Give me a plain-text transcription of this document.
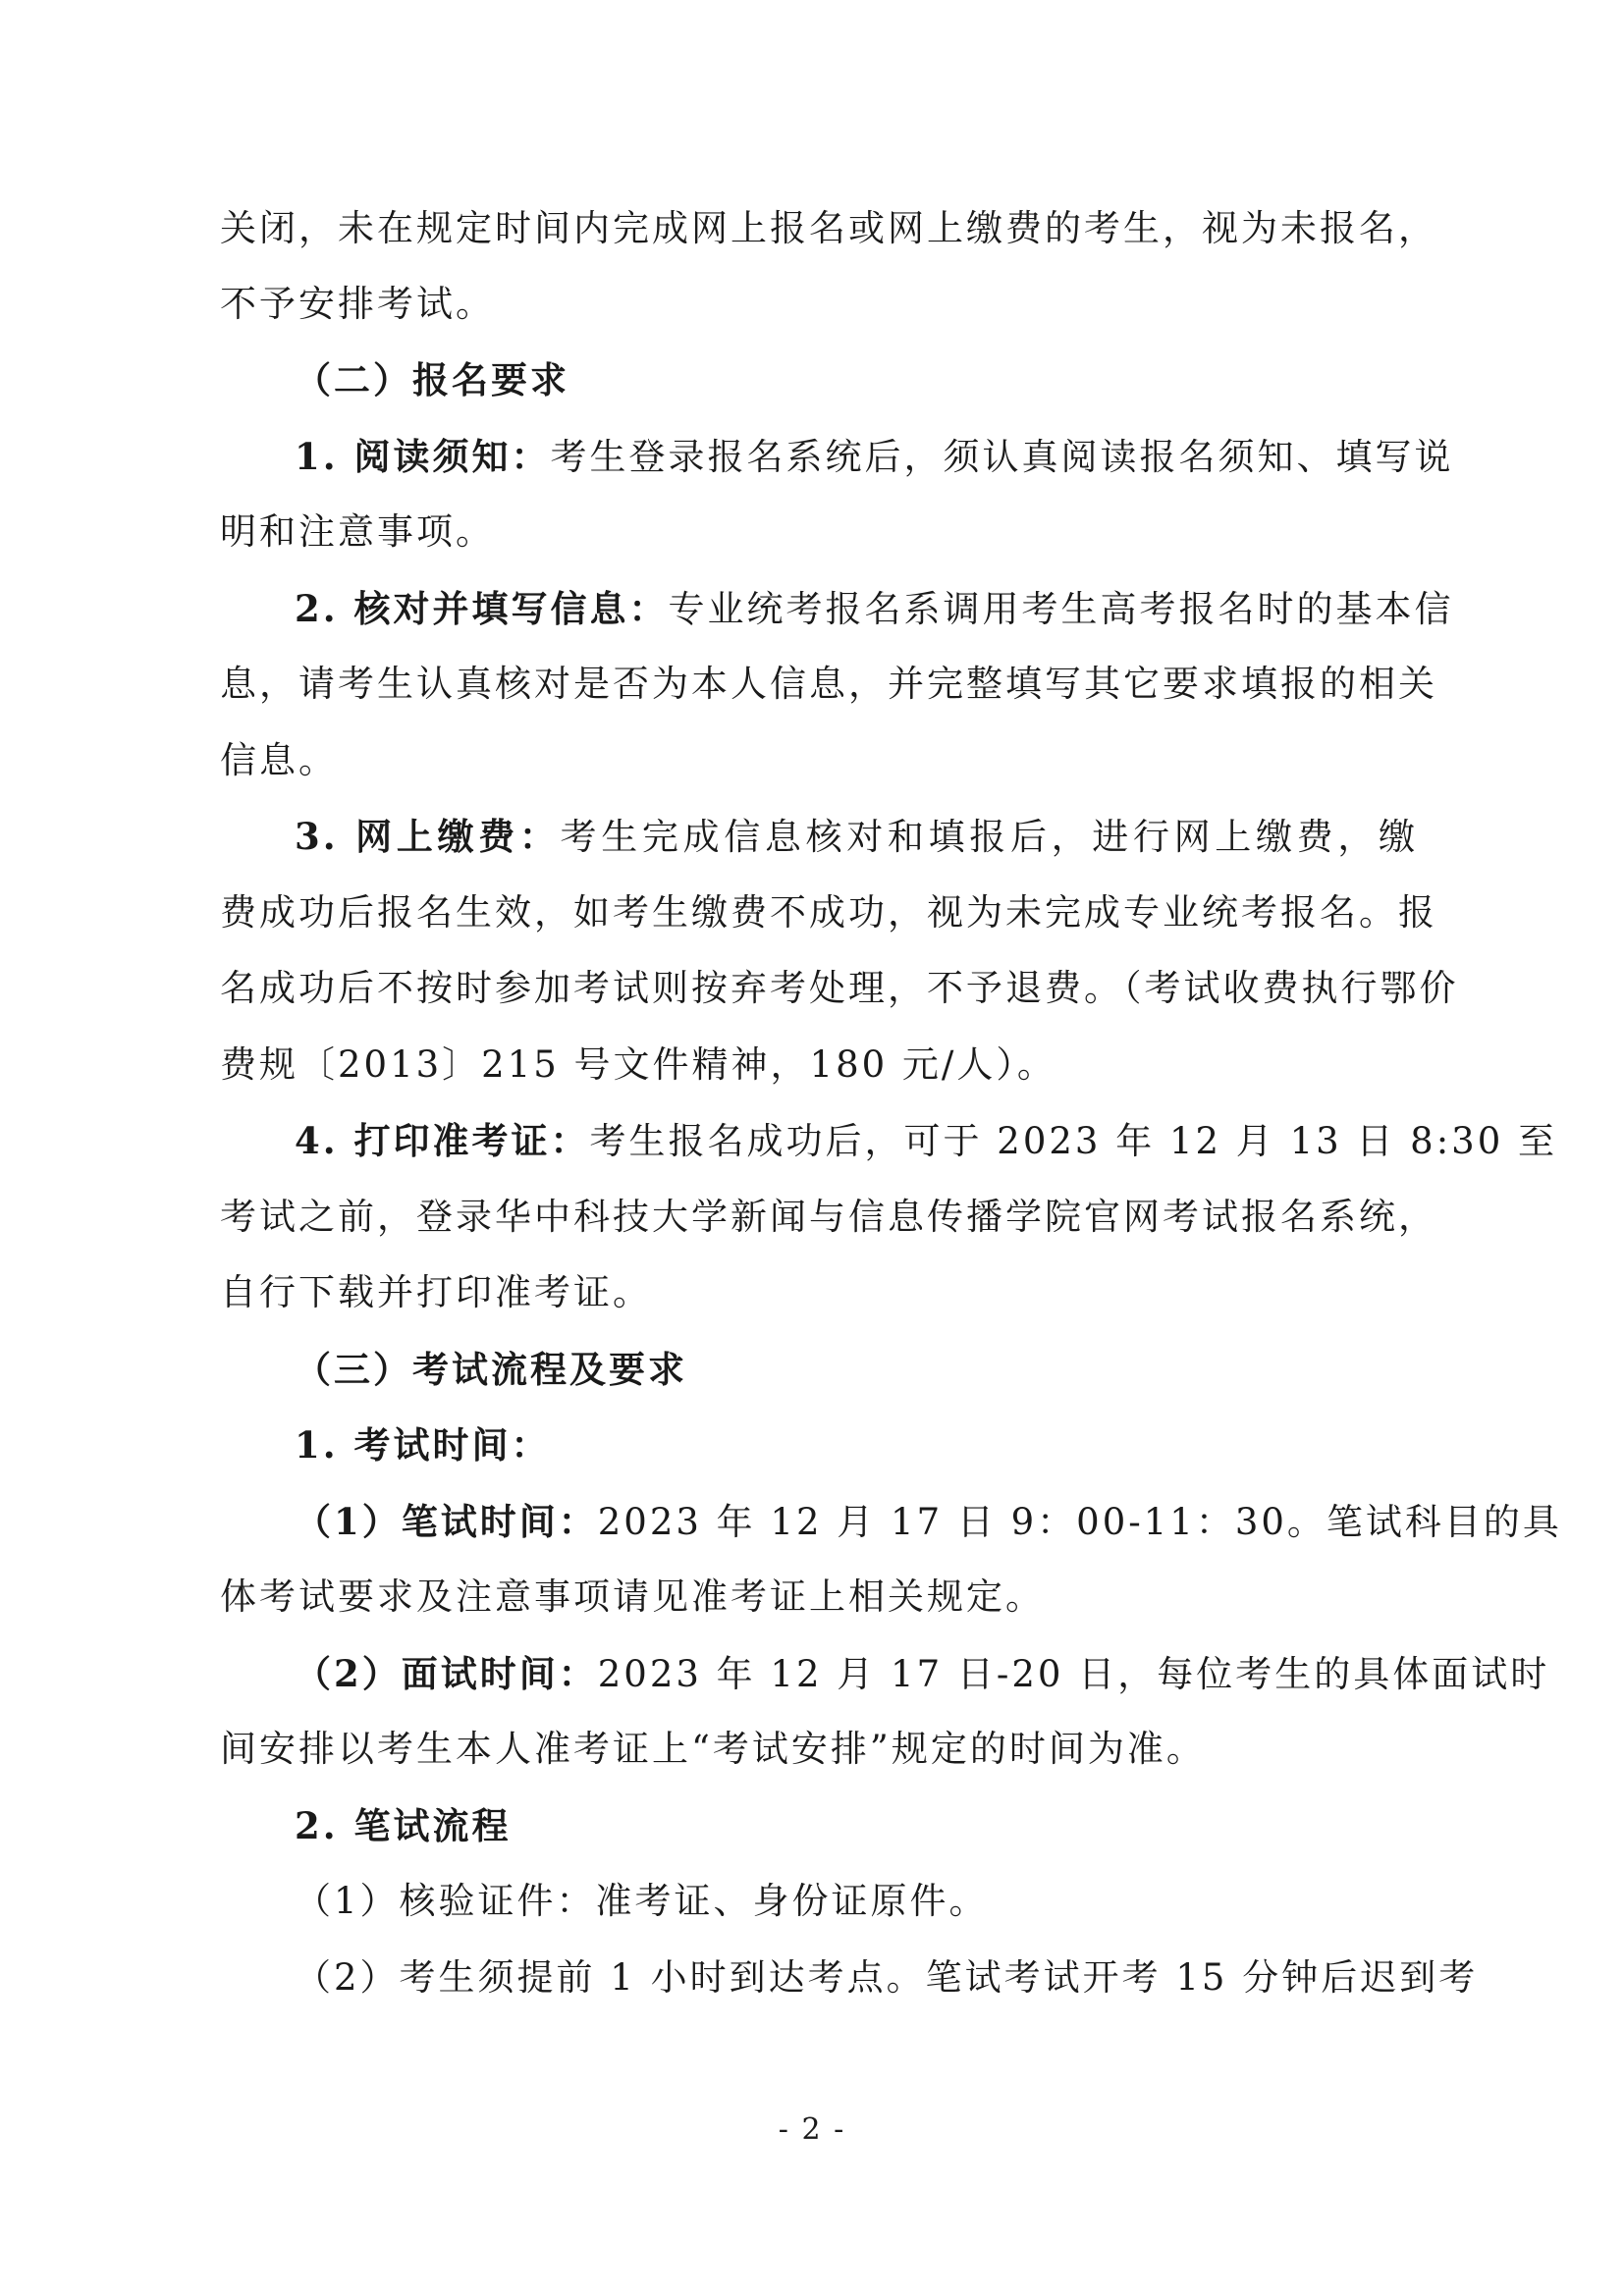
关闭，未在规定时间内完成网上报名或网上缴费的考生，视为未报名，
不予安排考试。
（二）报名要求
1. 阅读须知：考生登录报名系统后，须认真阅读报名须知、填写说
明和注意事项。
2. 核对并填写信息：专业统考报名系调用考生高考报名时的基本信
息，请考生认真核对是否为本人信息，并完整填写其它要求填报的相关
信息。
3. 网上缴费：考生完成信息核对和填报后，进行网上缴费，缴
费成功后报名生效，如考生缴费不成功，视为未完成专业统考报名。报
名成功后不按时参加考试则按弃考处理，不予退费。（考试收费执行鄂价
费规〔2013〕215 号文件精神，180 元/人）。
4. 打印准考证：考生报名成功后，可于 2023 年 12 月 13 日 8:30 至
考试之前，登录华中科技大学新闻与信息传播学院官网考试报名系统，
自行下载并打印准考证。
（三）考试流程及要求
1. 考试时间：
（1）笔试时间：2023 年 12 月 17 日 9：00-11：30。笔试科目的具
体考试要求及注意事项请见准考证上相关规定。
（2）面试时间：2023 年 12 月 17 日-20 日，每位考生的具体面试时
间安排以考生本人准考证上“考试安排”规定的时间为准。
2. 笔试流程
（1）核验证件：准考证、身份证原件。
（2）考生须提前 1 小时到达考点。笔试考试开考 15 分钟后迟到考
- 2 -
